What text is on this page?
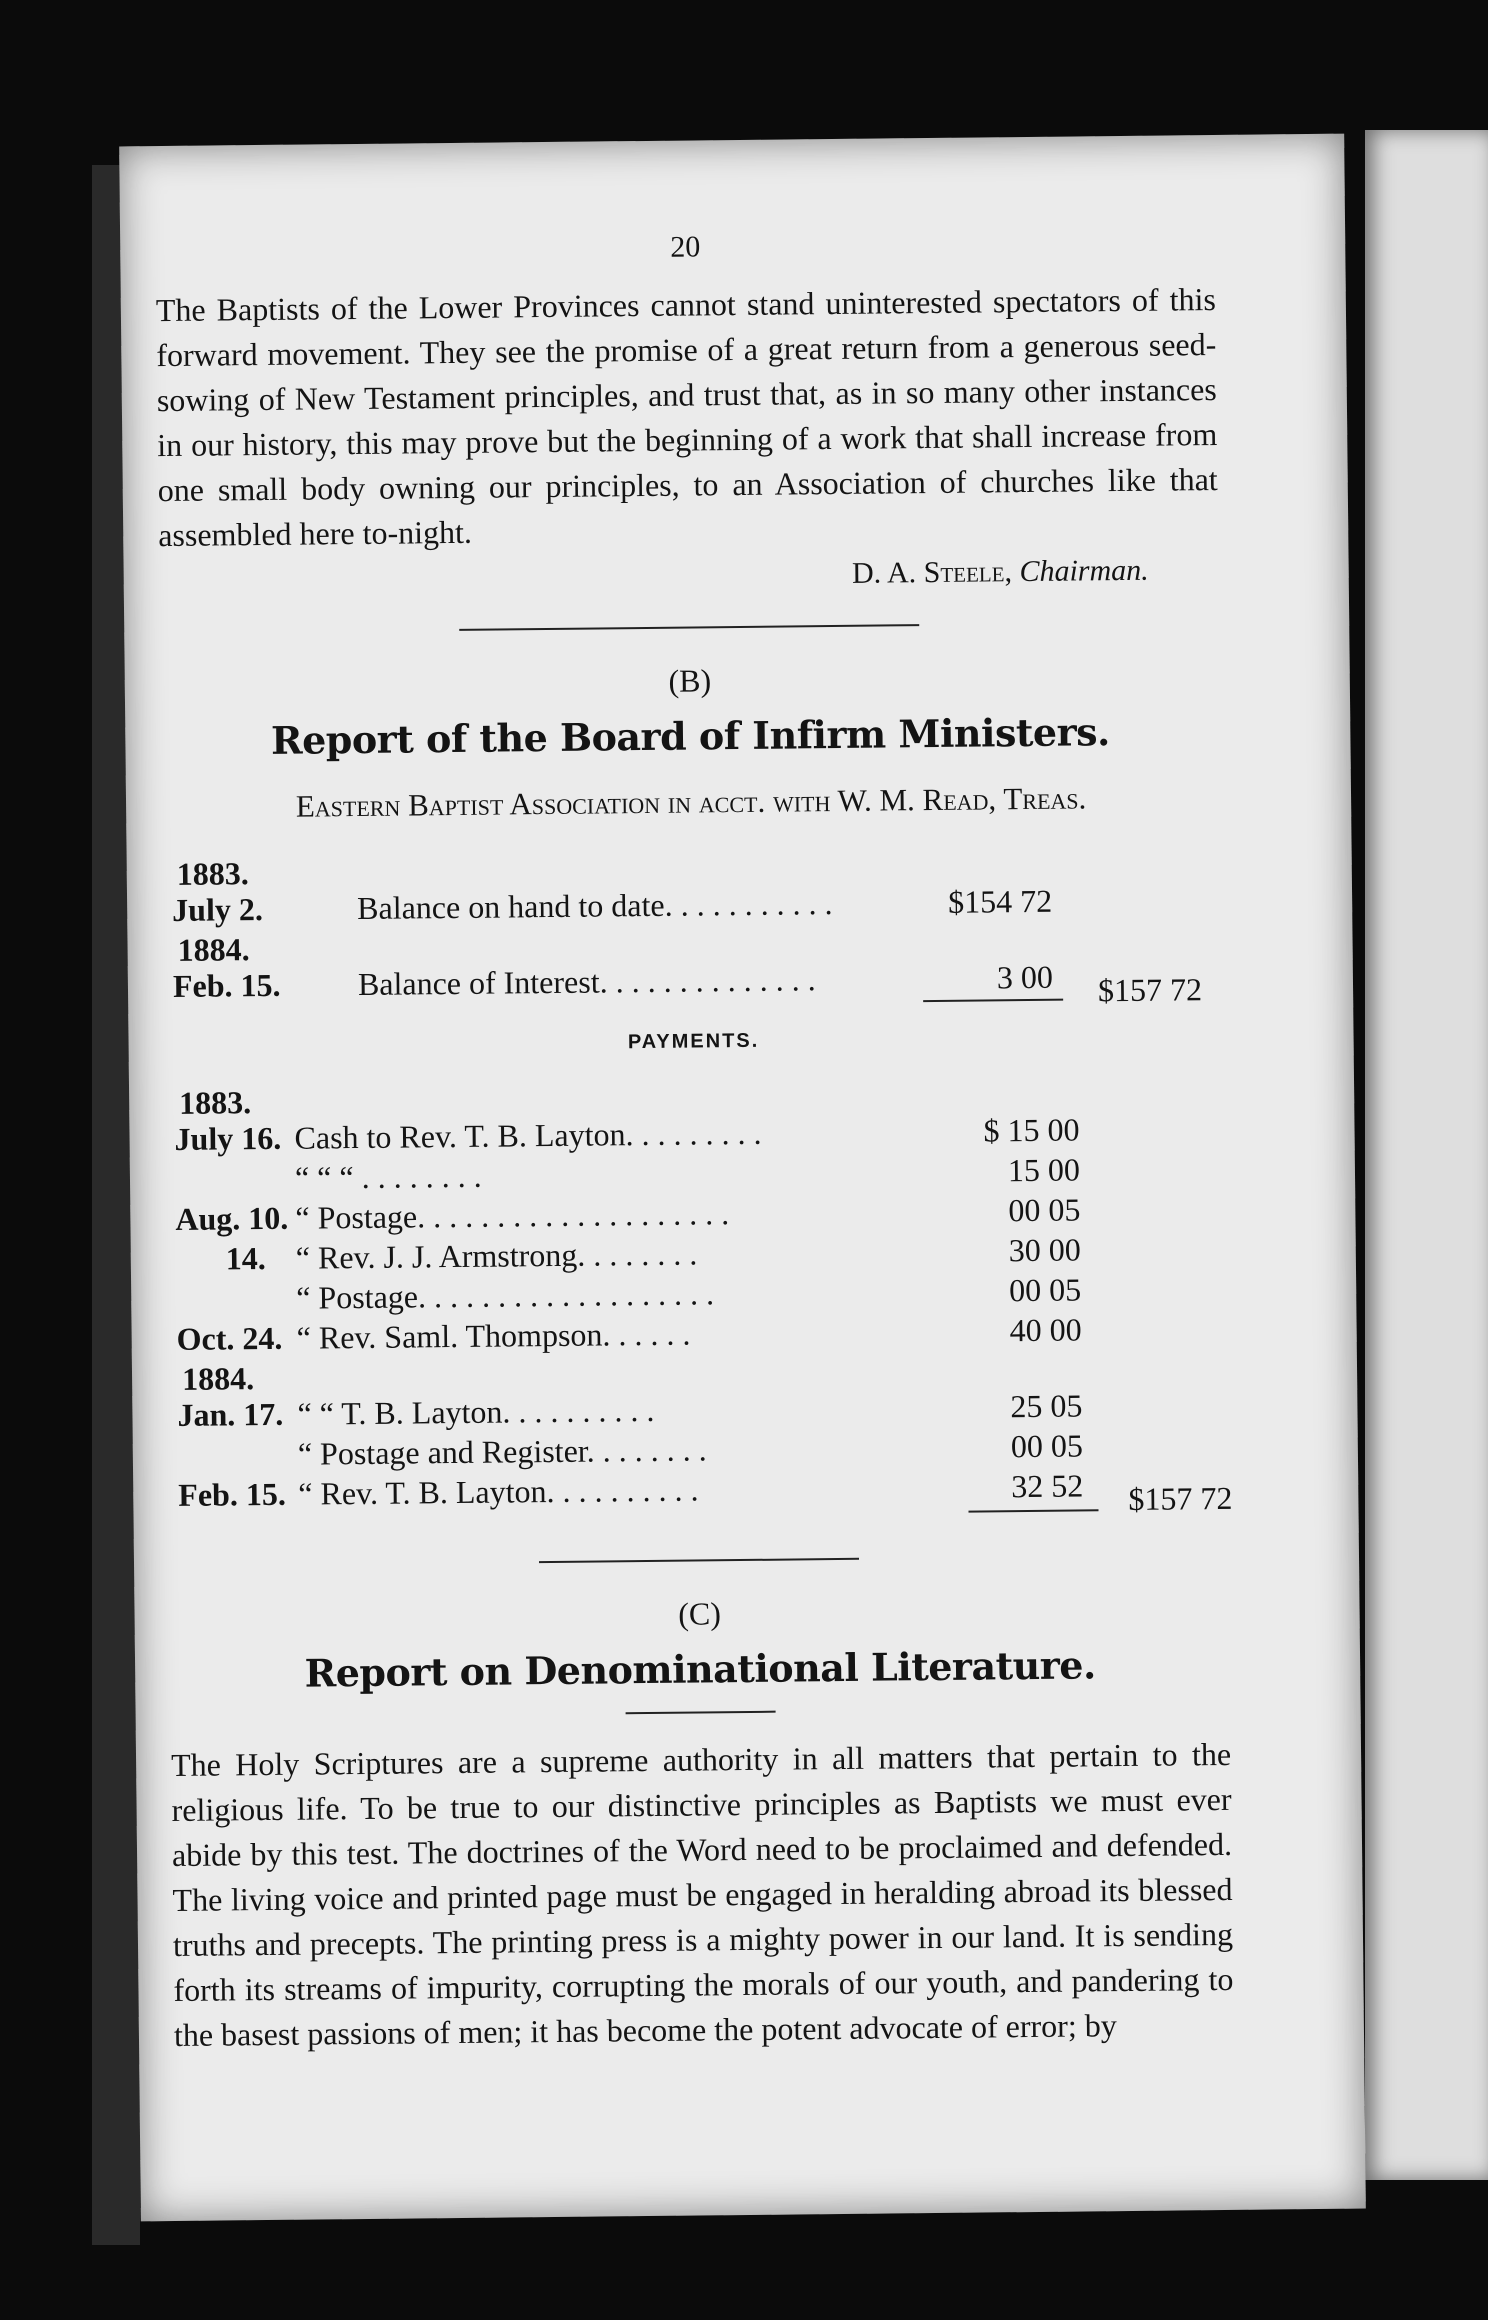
20

The Baptists of the Lower Provinces cannot stand uninterested spectators of this forward movement. They see the promise of a great return from a generous seed-sowing of New Testament principles, and trust that, as in so many other instances in our history, this may prove but the beginning of a work that shall increase from one small body owning our principles, to an Association of churches like that assembled here to-night.

D. A. Steele, Chairman.
(B)
Report of the Board of Infirm Ministers.
Eastern Baptist Association in acct. with W. M. Read, Treas.
1883.
July 2.	Balance on hand to date. . . . . . . . . . .	$154 72
1884.
Feb. 15.	Balance of Interest. . . . . . . . . . . . . .	3 00 $157 72
PAYMENTS.
1883.
July 16. Cash to Rev. T. B. Layton. . . . . . . . .	$ 15 00
“ “ “ . . . . . . . .	15 00
Aug. 10. “ Postage. . . . . . . . . . . . . . . . . . . .	00 05
14. “ Rev. J. J. Armstrong. . . . . . . .	30 00
“ Postage. . . . . . . . . . . . . . . . . . .	00 05
Oct. 24. “ Rev. Saml. Thompson. . . . . .	40 00
1884.
Jan. 17. “ “ T. B. Layton. . . . . . . . . .	25 05
“ Postage and Register. . . . . . . .	00 05
Feb. 15. “ Rev. T. B. Layton. . . . . . . . . .	32 52 $157 72
(C)
Report on Denominational Literature.

The Holy Scriptures are a supreme authority in all matters that pertain to the religious life. To be true to our distinctive principles as Baptists we must ever abide by this test. The doctrines of the Word need to be proclaimed and defended. The living voice and printed page must be engaged in heralding abroad its blessed truths and precepts. The printing press is a mighty power in our land. It is sending forth its streams of impurity, corrupting the morals of our youth, and pandering to the basest passions of men; it has become the potent advocate of error; by
